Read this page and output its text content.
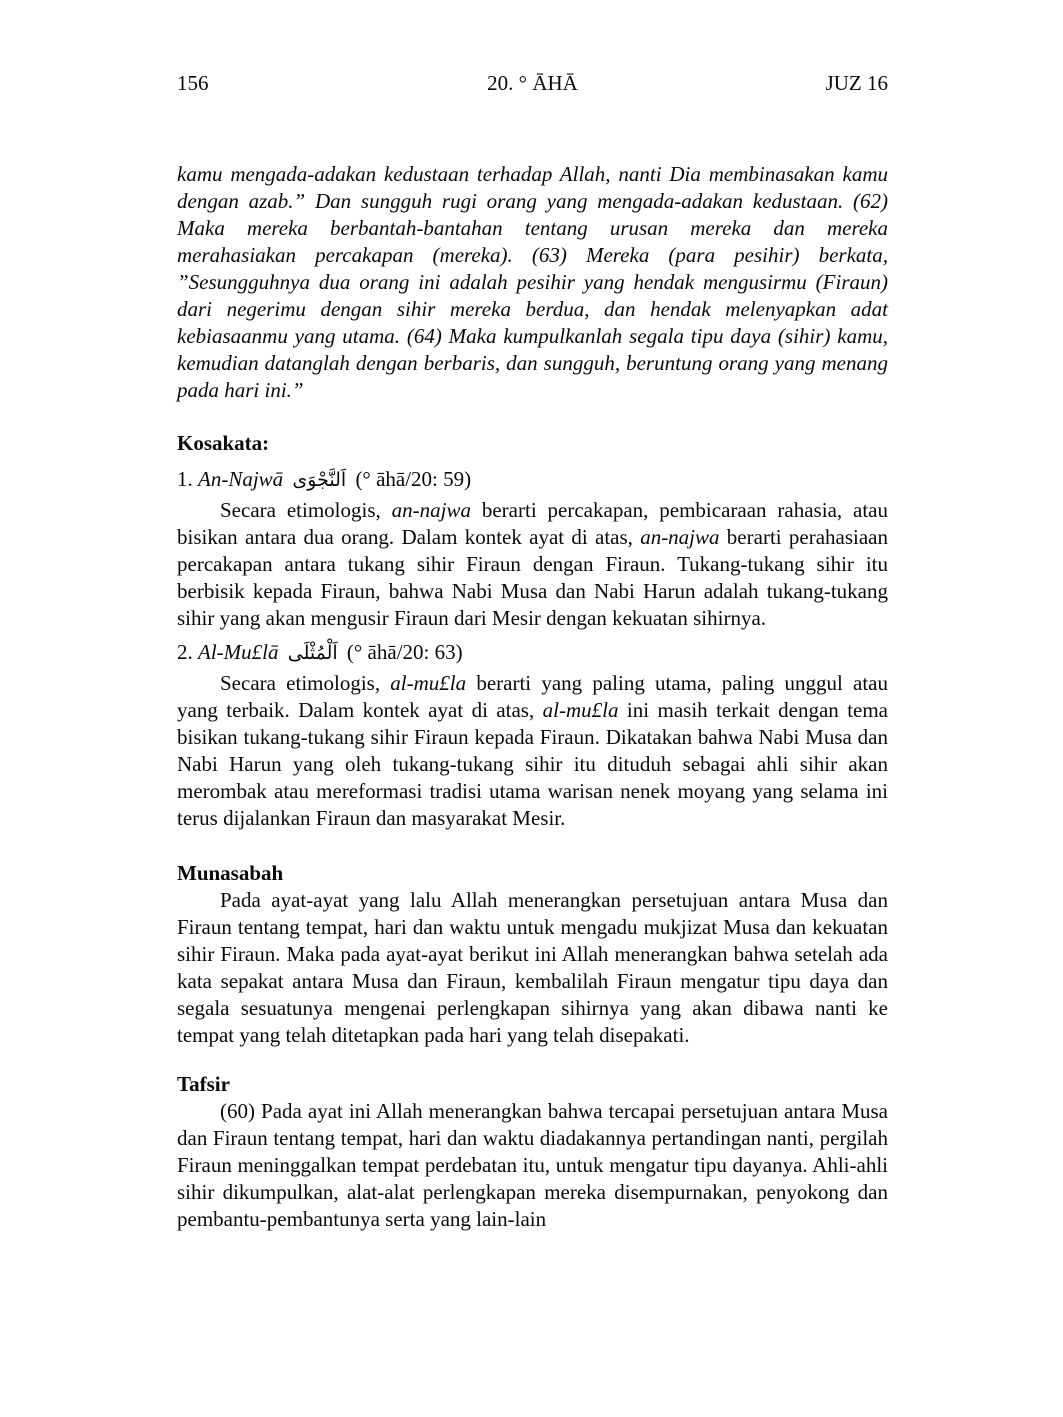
156	20. ° ĀHĀ	JUZ 16

kamu mengada-adakan kedustaan terhadap Allah, nanti Dia membinasakan kamu dengan azab.” Dan sungguh rugi orang yang mengada-adakan kedustaan. (62) Maka mereka berbantah-bantahan tentang urusan mereka dan mereka merahasiakan percakapan (mereka). (63) Mereka (para pesihir) berkata, ”Sesungguhnya dua orang ini adalah pesihir yang hendak mengusirmu (Firaun) dari negerimu dengan sihir mereka berdua, dan hendak melenyapkan adat kebiasaanmu yang utama. (64) Maka kumpulkanlah segala tipu daya (sihir) kamu, kemudian datanglah dengan berbaris, dan sungguh, beruntung orang yang menang pada hari ini.”

Kosakata:

1. An-Najwā اَلنَّجْوَى (° āhā/20: 59)

Secara etimologis, an-najwa berarti percakapan, pembicaraan rahasia, atau bisikan antara dua orang. Dalam kontek ayat di atas, an-najwa berarti perahasiaan percakapan antara tukang sihir Firaun dengan Firaun. Tukang-tukang sihir itu berbisik kepada Firaun, bahwa Nabi Musa dan Nabi Harun adalah tukang-tukang sihir yang akan mengusir Firaun dari Mesir dengan kekuatan sihirnya.

2. Al-Mu£lā اَلْمُثْلَى (° āhā/20: 63)

Secara etimologis, al-mu£la berarti yang paling utama, paling unggul atau yang terbaik. Dalam kontek ayat di atas, al-mu£la ini masih terkait dengan tema bisikan tukang-tukang sihir Firaun kepada Firaun. Dikatakan bahwa Nabi Musa dan Nabi Harun yang oleh tukang-tukang sihir itu dituduh sebagai ahli sihir akan merombak atau mereformasi tradisi utama warisan nenek moyang yang selama ini terus dijalankan Firaun dan masyarakat Mesir.

Munasabah

Pada ayat-ayat yang lalu Allah menerangkan persetujuan antara Musa dan Firaun tentang tempat, hari dan waktu untuk mengadu mukjizat Musa dan kekuatan sihir Firaun. Maka pada ayat-ayat berikut ini Allah menerangkan bahwa setelah ada kata sepakat antara Musa dan Firaun, kembalilah Firaun mengatur tipu daya dan segala sesuatunya mengenai perlengkapan sihirnya yang akan dibawa nanti ke tempat yang telah ditetapkan pada hari yang telah disepakati.

Tafsir

(60) Pada ayat ini Allah menerangkan bahwa tercapai persetujuan antara Musa dan Firaun tentang tempat, hari dan waktu diadakannya pertandingan nanti, pergilah Firaun meninggalkan tempat perdebatan itu, untuk mengatur tipu dayanya. Ahli-ahli sihir dikumpulkan, alat-alat perlengkapan mereka disempurnakan, penyokong dan pembantu-pembantunya serta yang lain-lain
